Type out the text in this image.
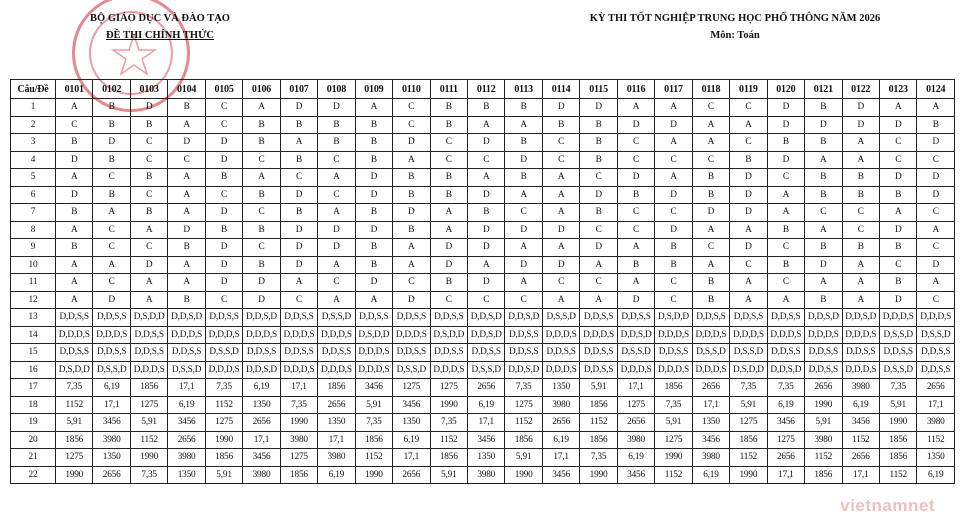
BỘ GIÁO DỤC VÀ ĐÀO TẠO
ĐỀ THI CHÍNH THỨC
KỲ THI TỐT NGHIỆP TRUNG HỌC PHỔ THÔNG NĂM 2026
Môn: Toán
Câu/Đề	0101	0102	0103	0104	0105	0106	0107	0108	0109	0110	0111	0112	0113	0114	0115	0116	0117	0118	0119	0120	0121	0122	0123	0124
1	A	B	D	B	C	A	D	D	A	C	B	B	B	D	D	A	A	C	C	D	B	D	A	A
2	C	B	B	A	C	B	B	B	B	C	B	A	A	B	B	D	D	A	A	D	D	D	D	B
3	B	D	C	D	D	B	A	B	B	D	C	D	B	C	B	C	A	A	C	B	B	A	C	D
4	D	B	C	C	D	C	B	C	B	A	C	C	D	C	B	C	C	C	B	D	A	A	C	C
5	A	C	B	A	B	A	C	A	D	B	B	A	B	A	C	D	A	B	D	C	B	B	D	D
6	D	B	C	A	C	B	D	C	D	B	B	D	A	A	D	B	D	B	D	A	B	B	B	D
7	B	A	B	A	D	C	B	A	B	D	A	B	C	A	B	C	C	D	D	A	C	C	A	C
8	A	C	A	D	B	B	D	D	D	B	A	D	D	D	C	C	D	A	A	B	A	C	D	A
9	B	C	C	B	D	C	D	D	B	A	D	D	A	A	D	A	B	C	D	C	B	B	B	C
10	A	A	D	A	D	B	D	A	B	A	D	A	D	D	A	B	B	A	C	B	D	A	C	D
11	A	C	A	A	D	D	A	C	D	C	B	D	A	C	C	A	C	B	A	C	A	A	B	A
12	A	D	A	B	C	D	C	A	A	D	C	C	C	A	A	D	C	B	A	A	B	A	D	C
13	D,D,S,S	D,D,S,S	D,S,D,D	D,D,S,D	D,D,S,S	D,D,S,D	D,D,S,S	D,S,S,D	D,D,S,S	D,D,S,S	D,D,S,S	D,D,S,D	D,D,S,D	D,S,S,D	D,D,S,S	D,D,S,S	D,S,D,D	D,D,S,S	D,D,S,S	D,D,S,S	D,D,S,D	D,D,S,D	D,D,D,S	D,D,D,S
14	D,D,D,S	D,D,D,S	D,D,S,S	D,D,D,S	D,D,D,S	D,D,D,S	D,D,D,S	D,D,D,S	D,S,D,D	D,D,D,S	D,S,D,D	D,D,S,D	D,D,S,S	D,D,D,S	D,D,D,S	D,D,S,D	D,D,D,S	D,D,D,S	D,D,D,S	D,D,D,S	D,D,D,S	D,D,D,S	D,S,S,D	D,S,S,D
15	D,D,S,S	D,D,S,S	D,D,S,S	D,D,S,S	D,S,S,D	D,D,S,S	D,D,S,S	D,D,S,S	D,D,D,S	D,D,S,S	D,D,S,S	D,D,S,S	D,D,S,S	D,D,S,S	D,D,S,S	D,S,S,D	D,D,S,S	D,S,S,D	D,S,S,D	D,D,S,S	D,D,S,S	D,D,S,S	D,D,S,S	D,D,S,S
16	D,S,D,D	D,S,S,D	D,D,D,S	D,S,S,D	D,D,D,S	D,D,S,D	D,D,D,S	D,D,D,S	D,D,D,S	D,S,S,D	D,D,D,S	D,S,S,D	D,D,S,D	D,D,D,S	D,D,S,S	D,D,D,S	D,D,D,S	D,D,D,S	D,S,D,D	D,D,S,D	D,D,S,S	D,D,D,S	D,S,S,D	D,D,S,S
17	7,35	6,19	1856	17,1	7,35	6,19	17,1	1856	3456	1275	1275	2656	7,35	1350	5,91	17,1	1856	2656	7,35	7,35	2656	3980	7,35	2656
18	1152	17,1	1275	6,19	1152	1350	7,35	2656	5,91	3456	1990	6,19	1275	3980	1856	1275	7,35	17,1	5,91	6,19	1990	6,19	5,91	17,1
19	5,91	3456	5,91	3456	1275	2656	1990	1350	7,35	1350	7,35	17,1	1152	2656	1152	2656	5,91	1350	1275	3456	5,91	3456	1990	3980
20	1856	3980	1152	2656	1990	17,1	3980	17,1	1856	6,19	1152	3456	1856	6,19	1856	3980	1275	3456	1856	1275	3980	1152	1856	1152
21	1275	1350	1990	3980	1856	3456	1275	3980	1152	17,1	1856	1350	5,91	17,1	7,35	6,19	1990	3980	1152	2656	1152	2656	1856	1350
22	1990	2656	7,35	1350	5,91	3980	1856	6,19	1990	2656	5,91	3980	1990	3456	1990	3456	1152	6,19	1990	17,1	1856	17,1	1152	6,19
vietnamnet
